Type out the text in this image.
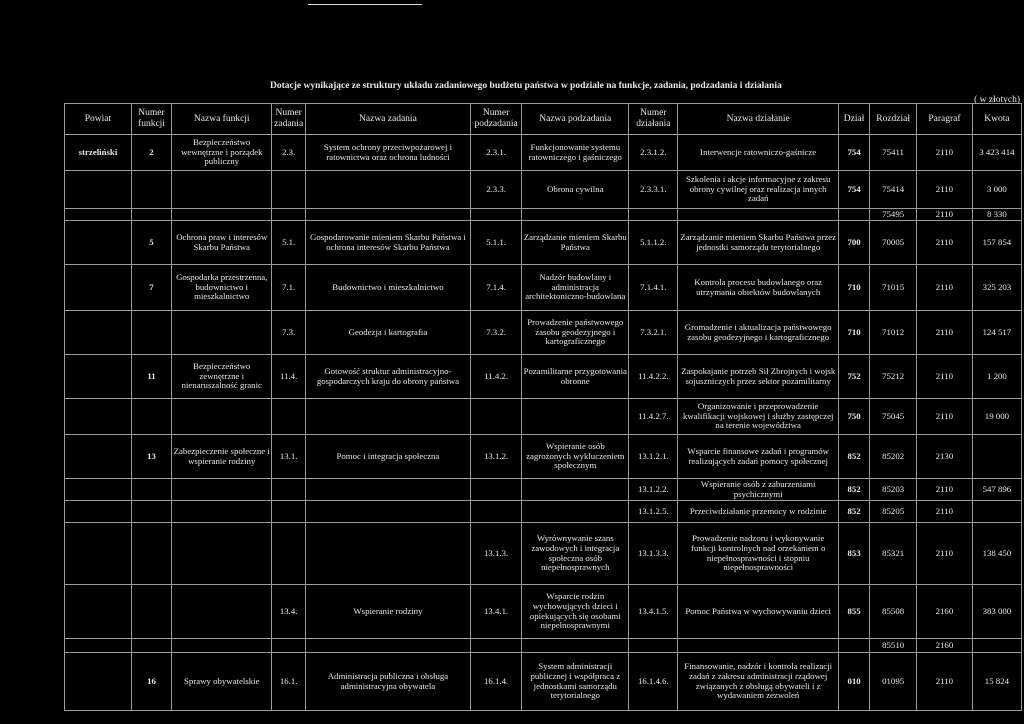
Dotacje wynikające ze struktury układu zadaniowego budżetu państwa w podziale na funkcje, zadania, podzadania i działania
( w złotych)
Powiat	Numer funkcji	Nazwa funkcji	Numer zadania	Nazwa zadania	Numer podzadania	Nazwa podzadania	Numer działania	Nazwa działanie	Dział	Rozdział	Paragraf	Kwota
strzeliński	2	Bezpieczeństwo wewnętrzne i porządek publiczny	2.3.	System ochrony przeciwpożarowej i ratownictwa oraz ochrona ludności	2.3.1.	Funkcjonowanie systemu ratowniczego i gaśniczego	2.3.1.2.	Interwencje ratowniczo-gaśnicze	754	75411	2110	3 423 414
					2.3.3.	Obrona cywilna	2.3.3.1.	Szkolenia i akcje informacyjne z zakresu obrony cywilnej oraz realizacja innych zadań	754	75414	2110	3 000
										75495	2110	8 330
	5	Ochrona praw i interesów Skarbu Państwa	5.1.	Gospodarowanie mieniem Skarbu Państwa i ochrona interesów Skarbu Państwa	5.1.1.	Zarządzanie mieniem Skarbu Państwa	5.1.1.2.	Zarządzanie mieniem Skarbu Państwa przez jednostki samorządu terytorialnego	700	70005	2110	157 854
	7	Gospodarka przestrzenna, budownictwo i mieszkalnictwo	7.1.	Budownictwo i mieszkalnictwo	7.1.4.	Nadzór budowlany i administracja architektoniczno-budowlana	7.1.4.1.	Kontrola procesu budowlanego oraz utrzymania obiektów budowlanych	710	71015	2110	325 203
			7.3.	Geodezja i kartografia	7.3.2.	Prowadzenie państwowego zasobu geodezyjnego i kartograficznego	7.3.2.1.	Gromadzenie i aktualizacja państwowego zasobu geodezyjnego i kartograficznego	710	71012	2110	124 517
	11	Bezpieczeństwo zewnętrzne i nienaruszalność granic	11.4.	Gotowość struktur administracyjno-gospodarczych kraju do obrony państwa	11.4.2.	Pozamilitarne przygotowania obronne	11.4.2.2.	Zaspokajanie potrzeb Sił Zbrojnych i wojsk sojuszniczych przez sektor pozamilitarny	752	75212	2110	1 200
							11.4.2.7.	Organizowanie i przeprowadzenie kwalifikacji wojskowej i służby zastępczej na terenie województwa	750	75045	2110	19 000
	13	Zabezpieczenie społeczne i wspieranie rodziny	13.1.	Pomoc i integracja społeczna	13.1.2.	Wspieranie osób zagrożonych wykluczeniem społecznym	13.1.2.1.	Wsparcie finansowe zadań i programów realizujących zadań pomocy społecznej	852	85202	2130	
							13.1.2.2.	Wspieranie osób z zaburzeniami psychicznymi	852	85203	2110	547 896
							13.1.2.5.	Przeciwdziałanie przemocy w rodzinie	852	85205	2110	
					13.1.3.	Wyrównywanie szans zawodowych i integracja społeczna osób niepełnosprawnych	13.1.3.3.	Prowadzenie nadzoru i wykonywanie funkcji kontrolnych nad orzekaniem o niepełnosprawności i stopniu niepełnosprawności	853	85321	2110	138 450
			13.4.	Wspieranie rodziny	13.4.1.	Wsparcie rodzin wychowujących dzieci i opiekujących się osobami niepełnosprawnymi	13.4.1.5.	Pomoc Państwa w wychowywaniu dzieci	855	85508	2160	383 000
										85510	2160	
	16	Sprawy obywatelskie	16.1.	Administracja publiczna i obsługa administracyjna obywatela	16.1.4.	System administracji publicznej i współpraca z jednostkami samorządu terytorialnego	16.1.4.6.	Finansowanie, nadzór i kontrola realizacji zadań z zakresu administracji rządowej związanych z obsługą obywateli i z wydawaniem zezwoleń	010	01095	2110	15 824
